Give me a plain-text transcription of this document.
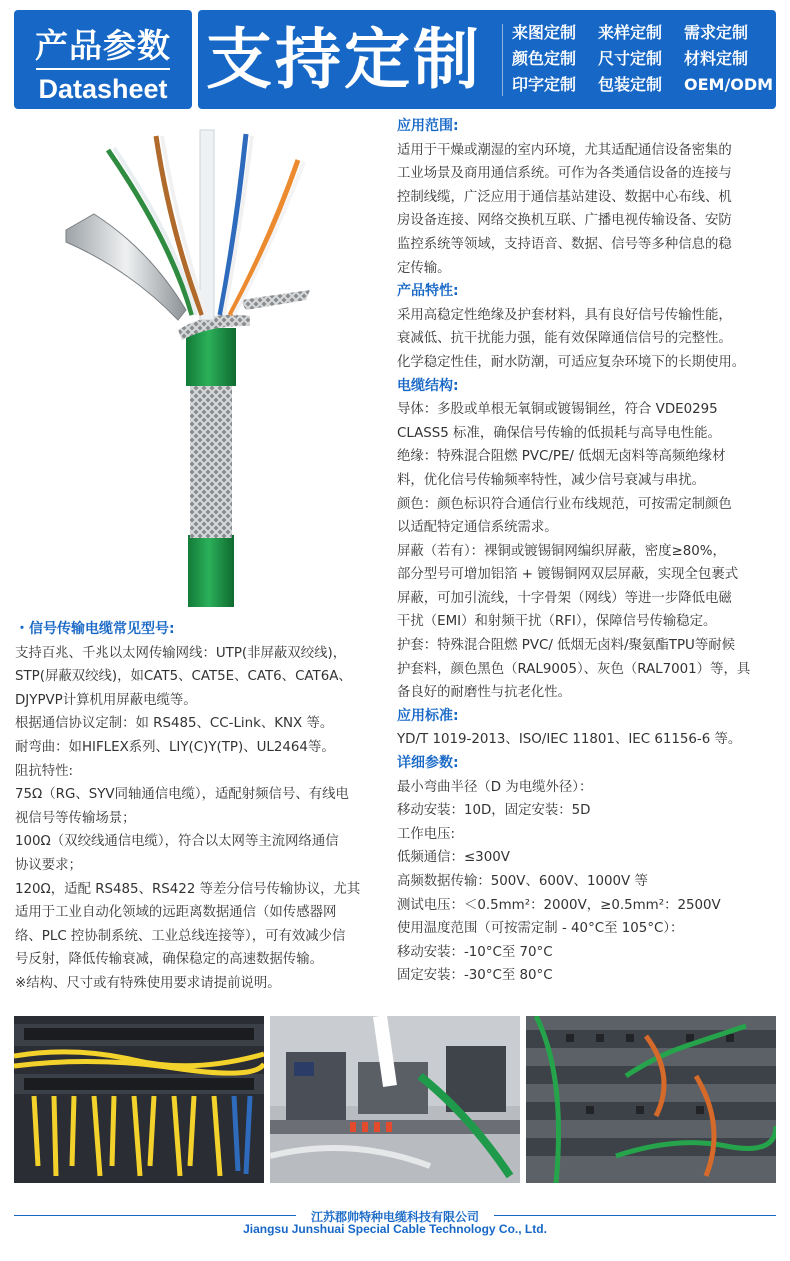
产品参数
Datasheet 支持定制 来图定制 来样定制 需求定制 颜色定制 尺寸定制 材料定制 印字定制 包装定制 OEM/ODM

应用范围:

适用于干燥或潮湿的室内环境，尤其适配通信设备密集的

工业场景及商用通信系统。可作为各类通信设备的连接与

控制线缆，广泛应用于通信基站建设、数据中心布线、机

房设备连接、网络交换机互联、广播电视传输设备、安防

监控系统等领域，支持语音、数据、信号等多种信息的稳

定传输。

产品特性:

采用高稳定性绝缘及护套材料，具有良好信号传输性能，

衰减低、抗干扰能力强，能有效保障通信信号的完整性。

化学稳定性佳，耐水防潮，可适应复杂环境下的长期使用。

电缆结构:

导体：多股或单根无氧铜或镀锡铜丝，符合 VDE0295

CLASS5 标准，确保信号传输的低损耗与高导电性能。

绝缘：特殊混合阻燃 PVC/PE/ 低烟无卤料等高频绝缘材

料，优化信号传输频率特性，减少信号衰减与串扰。

颜色：颜色标识符合通信行业布线规范，可按需定制颜色

以适配特定通信系统需求。

屏蔽（若有）：裸铜或镀锡铜网编织屏蔽，密度≥80%，

部分型号可增加铝箔 + 镀锡铜网双层屏蔽，实现全包裹式

屏蔽，可加引流线，十字骨架（网线）等进一步降低电磁

干扰（EMI）和射频干扰（RFI），保障信号传输稳定。

护套：特殊混合阻燃 PVC/ 低烟无卤料/聚氨酯TPU等耐候

护套料，颜色黑色（RAL9005）、灰色（RAL7001）等，具

备良好的耐磨性与抗老化性。

应用标准:

YD/T 1019-2013、ISO/IEC 11801、IEC 61156-6 等。

详细参数:

最小弯曲半径（D 为电缆外径）：

移动安装：10D，固定安装：5D

工作电压:

低频通信：≤300V

高频数据传输：500V、600V、1000V 等

测试电压：＜0.5mm²：2000V，≥0.5mm²：2500V

使用温度范围（可按需定制 - 40°C至 105°C）：

移动安装：-10°C至 70°C

固定安装：-30°C至 80°C

・信号传输电缆常见型号:

支持百兆、千兆以太网传输网线：UTP(非屏蔽双绞线)，

STP(屏蔽双绞线)，如CAT5、CAT5E、CAT6、CAT6A、

DJYPVP计算机用屏蔽电缆等。

根据通信协议定制：如 RS485、CC-Link、KNX 等。

耐弯曲：如HIFLEX系列、LIY(C)Y(TP)、UL2464等。

阻抗特性:

75Ω（RG、SYV同轴通信电缆），适配射频信号、有线电

视信号等传输场景；

100Ω（双绞线通信电缆），符合以太网等主流网络通信

协议要求；

120Ω，适配 RS485、RS422 等差分信号传输协议，尤其

适用于工业自动化领域的远距离数据通信（如传感器网

络、PLC 控协制系统、工业总线连接等），可有效减少信

号反射，降低传输衰减，确保稳定的高速数据传输。

※结构、尺寸或有特殊使用要求请提前说明。

江苏郡帅特种电缆科技有限公司
Jiangsu Junshuai Special Cable Technology Co., Ltd.
